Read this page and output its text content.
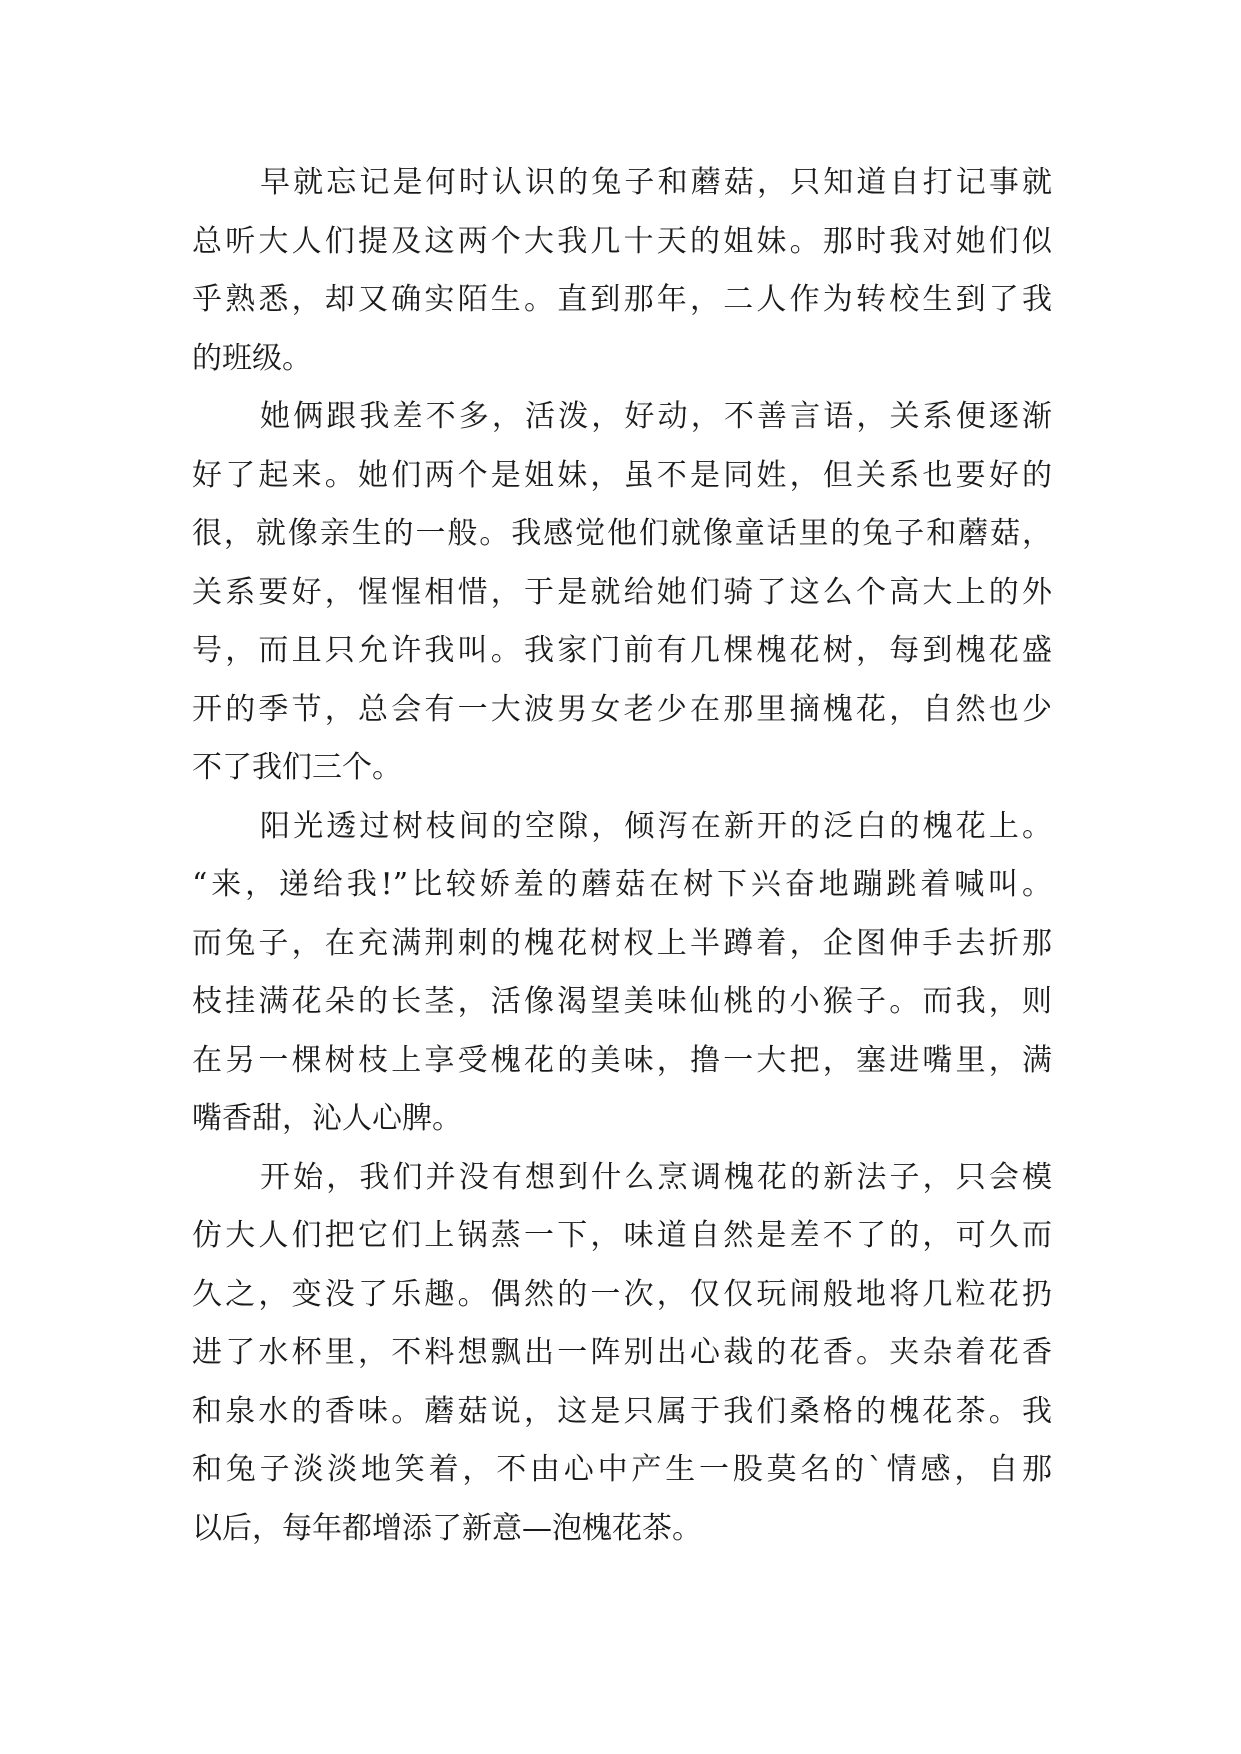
早就忘记是何时认识的兔子和蘑菇，只知道自打记事就
总听大人们提及这两个大我几十天的姐妹。那时我对她们似
乎熟悉，却又确实陌生。直到那年，二人作为转校生到了我
的班级。
她俩跟我差不多，活泼，好动，不善言语，关系便逐渐
好了起来。她们两个是姐妹，虽不是同姓，但关系也要好的
很，就像亲生的一般。我感觉他们就像童话里的兔子和蘑菇，
关系要好，惺惺相惜，于是就给她们骑了这么个高大上的外
号，而且只允许我叫。我家门前有几棵槐花树，每到槐花盛
开的季节，总会有一大波男女老少在那里摘槐花，自然也少
不了我们三个。
阳光透过树枝间的空隙，倾泻在新开的泛白的槐花上。
“来，递给我!”比较娇羞的蘑菇在树下兴奋地蹦跳着喊叫。
而兔子，在充满荆刺的槐花树杈上半蹲着，企图伸手去折那
枝挂满花朵的长茎，活像渴望美味仙桃的小猴子。而我，则
在另一棵树枝上享受槐花的美味，撸一大把，塞进嘴里，满
嘴香甜，沁人心脾。
开始，我们并没有想到什么烹调槐花的新法子，只会模
仿大人们把它们上锅蒸一下，味道自然是差不了的，可久而
久之，变没了乐趣。偶然的一次，仅仅玩闹般地将几粒花扔
进了水杯里，不料想飘出一阵别出心裁的花香。夹杂着花香
和泉水的香味。蘑菇说，这是只属于我们桑格的槐花茶。我
和兔子淡淡地笑着，不由心中产生一股莫名的`情感，自那
以后，每年都增添了新意—泡槐花茶。
